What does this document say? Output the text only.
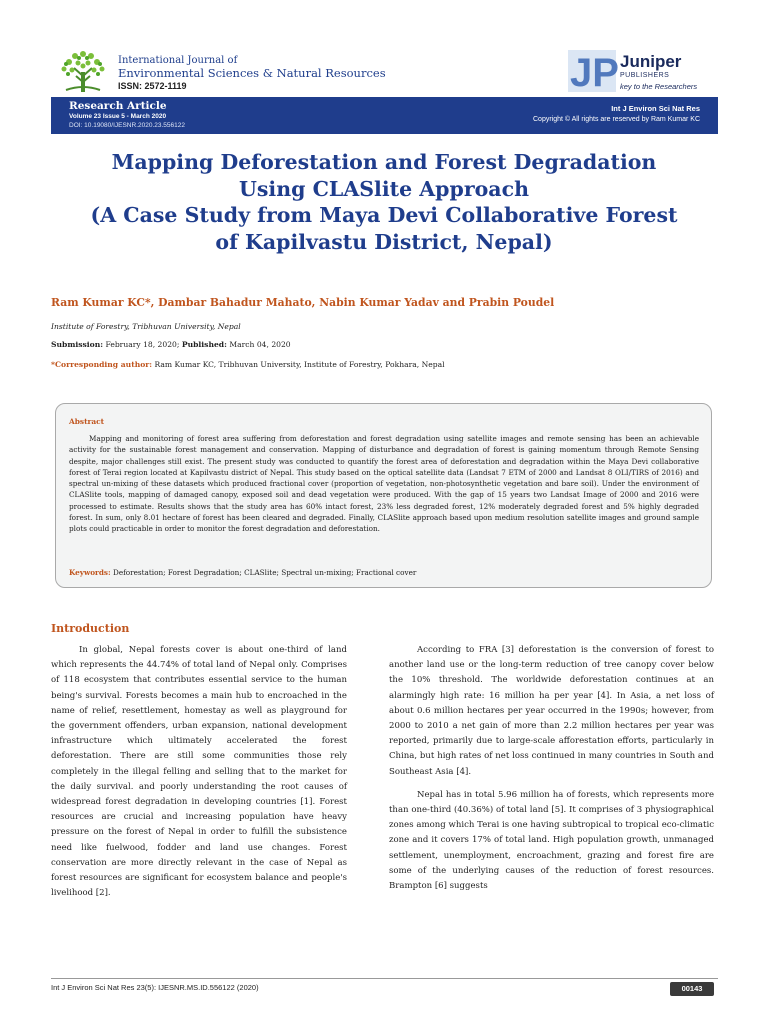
International Journal of
Environmental Sciences & Natural Resources
ISSN: 2572-1119	JP Juniper
PUBLISHERS
key to the Researchers
Research Article
Volume 23 Issue 5 - March 2020
DOI: 10.19080/IJESNR.2020.23.556122
Int J Environ Sci Nat Res
Copyright © All rights are reserved by Ram Kumar KC
Mapping Deforestation and Forest Degradation
Using CLASlite Approach
(A Case Study from Maya Devi Collaborative Forest
of Kapilvastu District, Nepal)
Ram Kumar KC*, Dambar Bahadur Mahato, Nabin Kumar Yadav and Prabin Poudel
Institute of Forestry, Tribhuvan University, Nepal
Submission: February 18, 2020; Published: March 04, 2020
*Corresponding author: Ram Kumar KC, Tribhuvan University, Institute of Forestry, Pokhara, Nepal
Abstract
Mapping and monitoring of forest area suffering from deforestation and forest degradation using satellite images and remote sensing has been an achievable activity for the sustainable forest management and conservation. Mapping of disturbance and degradation of forest is gaining momentum through Remote Sensing despite, major challenges still exist. The present study was conducted to quantify the forest area of deforestation and degradation within the Maya Devi collaborative forest of Terai region located at Kapilvastu district of Nepal. This study based on the optical satellite data (Landsat 7 ETM of 2000 and Landsat 8 OLI/TIRS of 2016) and spectral un-mixing of these datasets which produced fractional cover (proportion of vegetation, non-photosynthetic vegetation and bare soil). Under the environment of CLASlite tools, mapping of damaged canopy, exposed soil and dead vegetation were produced. With the gap of 15 years two Landsat Image of 2000 and 2016 were processed to estimate. Results shows that the study area has 60% intact forest, 23% less degraded forest, 12% moderately degraded forest and 5% highly degraded forest. In sum, only 8.01 hectare of forest has been cleared and degraded. Finally, CLASlite approach based upon medium resolution satellite images and ground sample plots could practicable in order to monitor the forest degradation and deforestation.
Keywords: Deforestation; Forest Degradation; CLASlite; Spectral un-mixing; Fractional cover
Introduction

In global, Nepal forests cover is about one-third of land which represents the 44.74% of total land of Nepal only. Comprises of 118 ecosystem that contributes essential service to the human being's survival. Forests becomes a main hub to encroached in the name of relief, resettlement, homestay as well as playground for the government offenders, urban expansion, national development infrastructure which ultimately accelerated the forest deforestation. There are still some communities those rely completely in the illegal felling and selling that to the market for the daily survival. and poorly understanding the root causes of widespread forest degradation in developing countries [1]. Forest resources are crucial and increasing population have heavy pressure on the forest of Nepal in order to fulfill the subsistence need like fuelwood, fodder and land use changes. Forest conservation are more directly relevant in the case of Nepal as forest resources are significant for ecosystem balance and people's livelihood [2].

According to FRA [3] deforestation is the conversion of forest to another land use or the long-term reduction of tree canopy cover below the 10% threshold. The worldwide deforestation continues at an alarmingly high rate: 16 million ha per year [4]. In Asia, a net loss of about 0.6 million hectares per year occurred in the 1990s; however, from 2000 to 2010 a net gain of more than 2.2 million hectares per year was reported, primarily due to large-scale afforestation efforts, particularly in China, but high rates of net loss continued in many countries in South and Southeast Asia [4].

Nepal has in total 5.96 million ha of forests, which represents more than one-third (40.36%) of total land [5]. It comprises of 3 physiographical zones among which Terai is one having subtropical to tropical eco-climatic zone and it covers 17% of total land. High population growth, unmanaged settlement, unemployment, encroachment, grazing and forest fire are some of the underlying causes of the reduction of forest resources. Brampton [6] suggests

Int J Environ Sci Nat Res 23(5): IJESNR.MS.ID.556122 (2020)	00143
